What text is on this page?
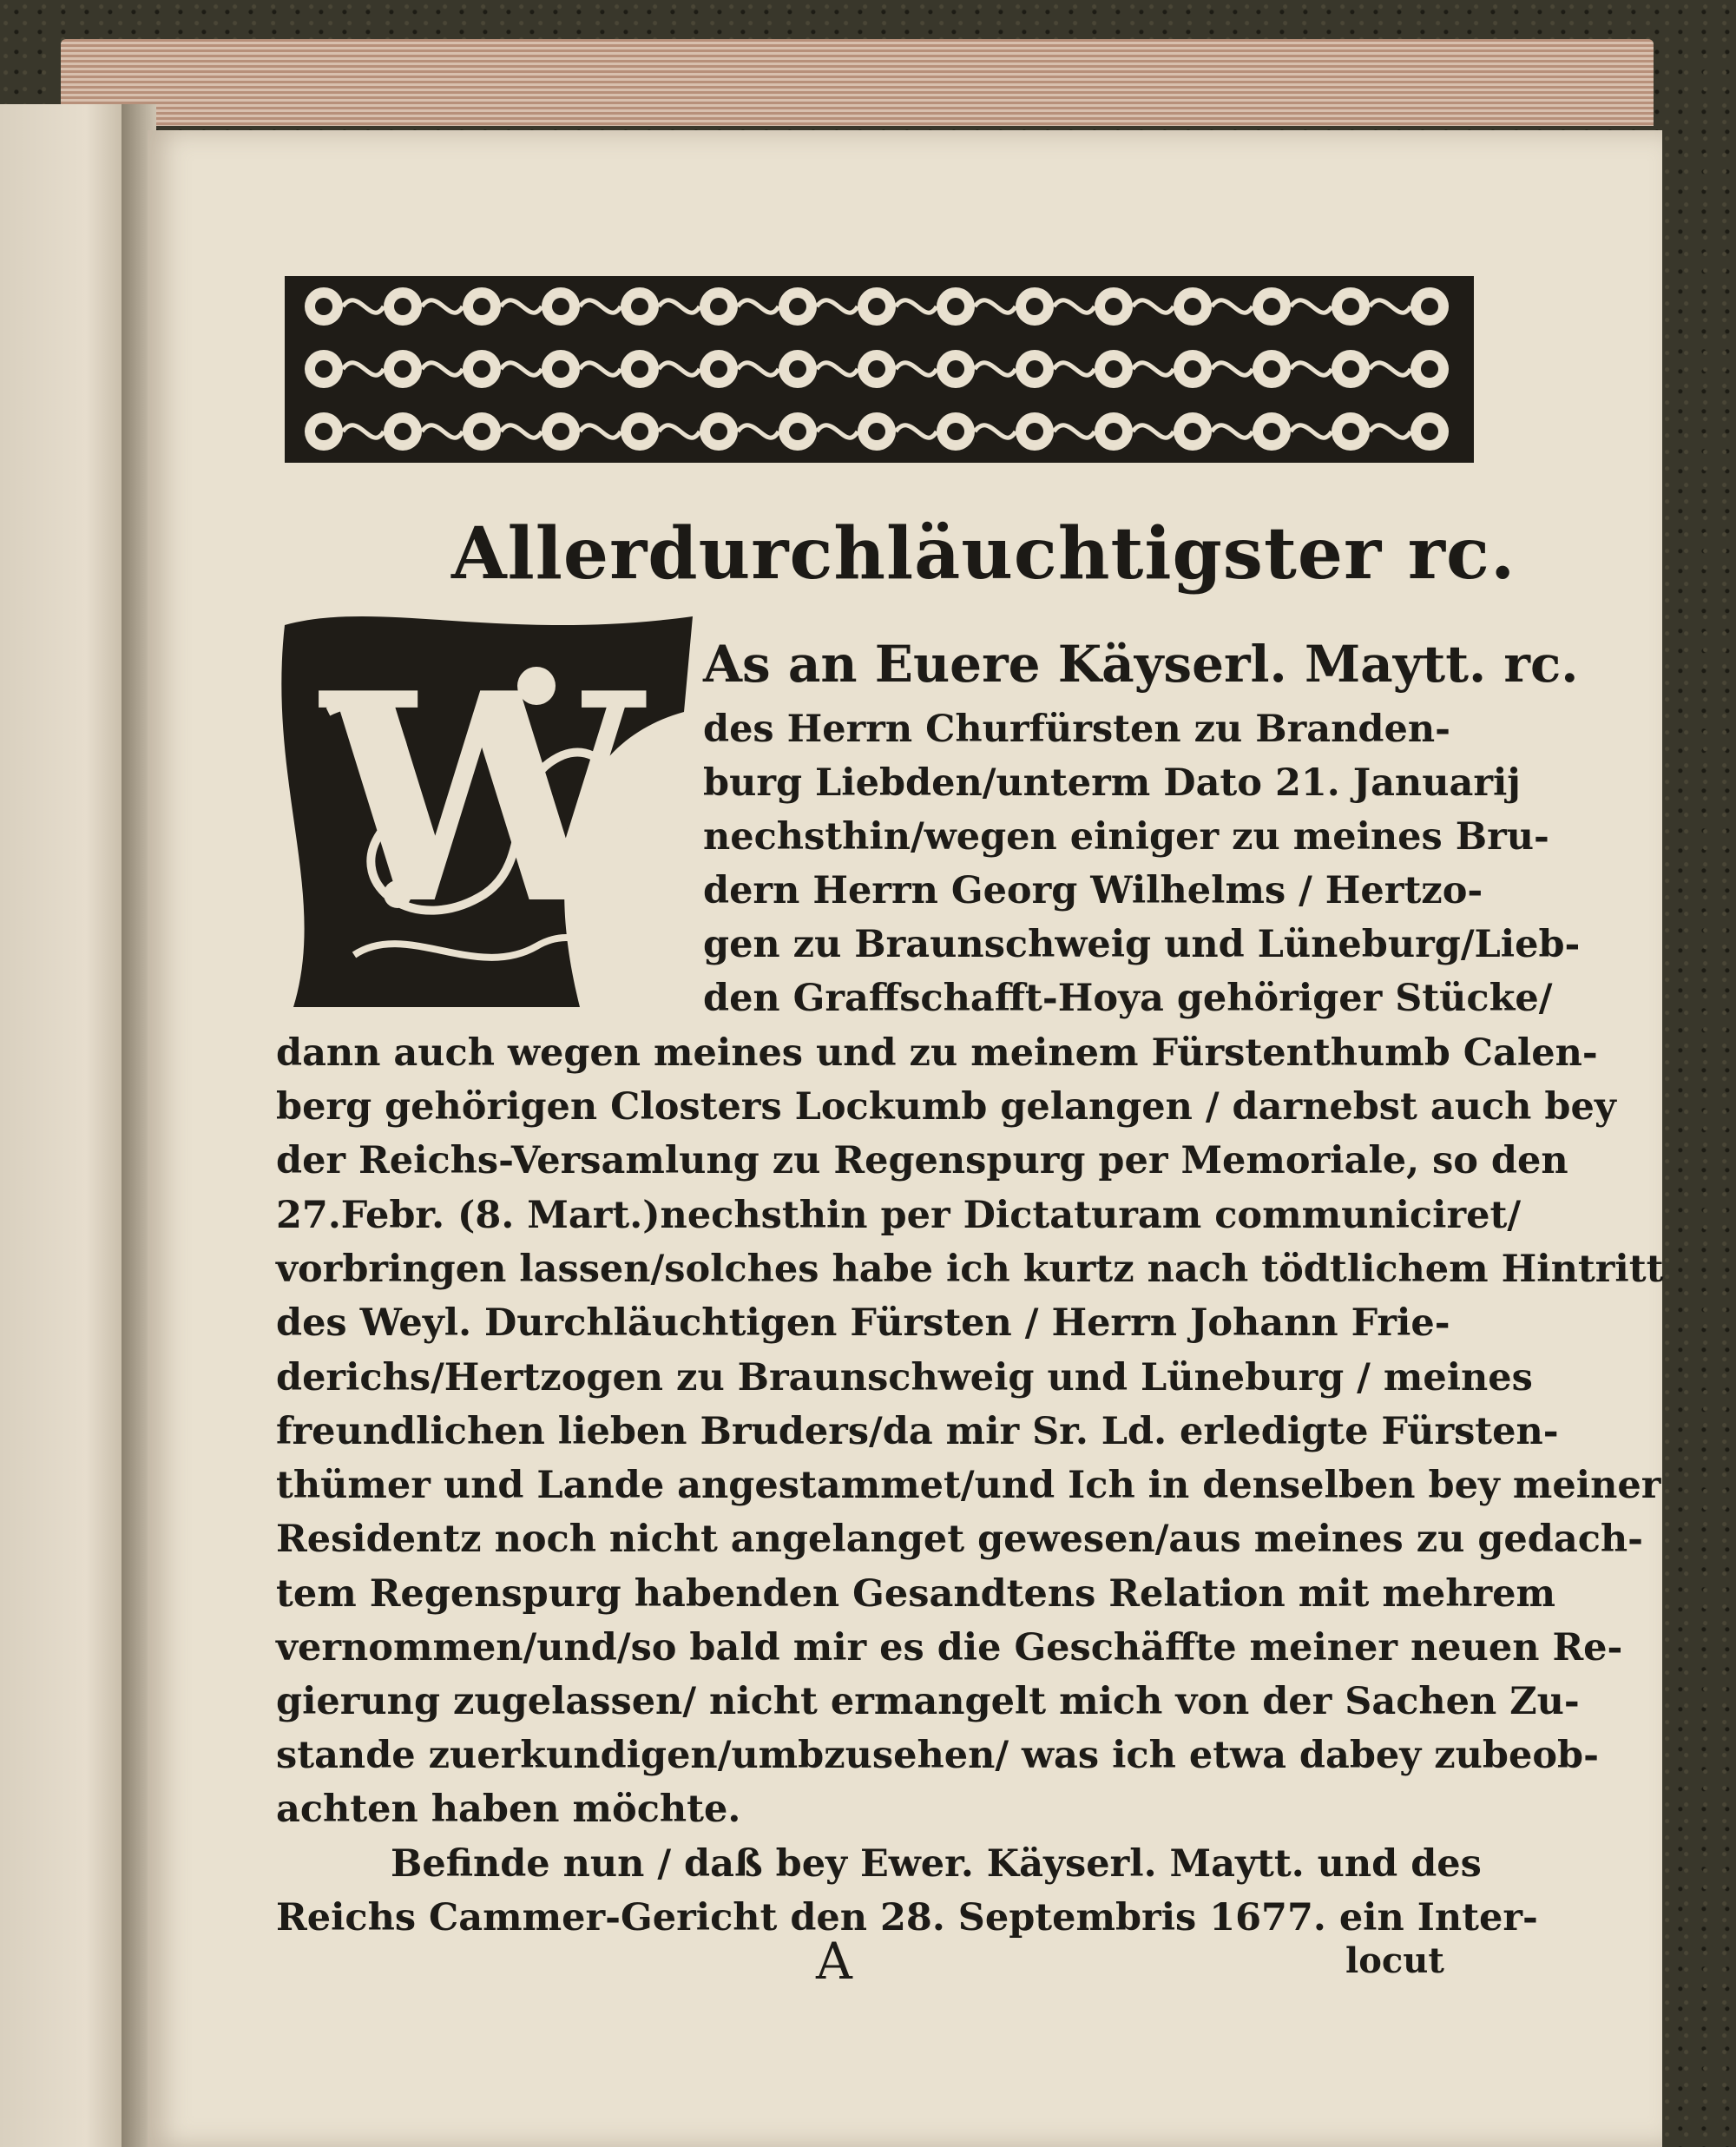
Allerdurchläuchtigster rc.
W As an Euere Käyserl. Maytt. rc.
des Herrn Churfürsten zu Branden-
burg Liebden/unterm Dato 21. Januarij
nechsthin/wegen einiger zu meines Bru-
dern Herrn Georg Wilhelms / Hertzo-
gen zu Braunschweig und Lüneburg/Lieb-
den Graffschafft-Hoya gehöriger Stücke/
dann auch wegen meines und zu meinem Fürstenthumb Calen-
berg gehörigen Closters Lockumb gelangen / darnebst auch bey
der Reichs-Versamlung zu Regenspurg per Memoriale, so den
27.Febr. (8. Mart.)nechsthin per Dictaturam communiciret/
vorbringen lassen/solches habe ich kurtz nach tödtlichem Hintritt
des Weyl. Durchläuchtigen Fürsten / Herrn Johann Frie-
derichs/Hertzogen zu Braunschweig und Lüneburg / meines
freundlichen lieben Bruders/da mir Sr. Ld. erledigte Fürsten-
thümer und Lande angestammet/und Ich in denselben bey meiner
Residentz noch nicht angelanget gewesen/aus meines zu gedach-
tem Regenspurg habenden Gesandtens Relation mit mehrem
vernommen/und/so bald mir es die Geschäffte meiner neuen Re-
gierung zugelassen/ nicht ermangelt mich von der Sachen Zu-
stande zuerkundigen/umbzusehen/ was ich etwa dabey zubeob-
achten haben möchte.
Befinde nun / daß bey Ewer. Käyserl. Maytt. und des
Reichs Cammer-Gericht den 28. Septembris 1677. ein Inter-
A	locut
